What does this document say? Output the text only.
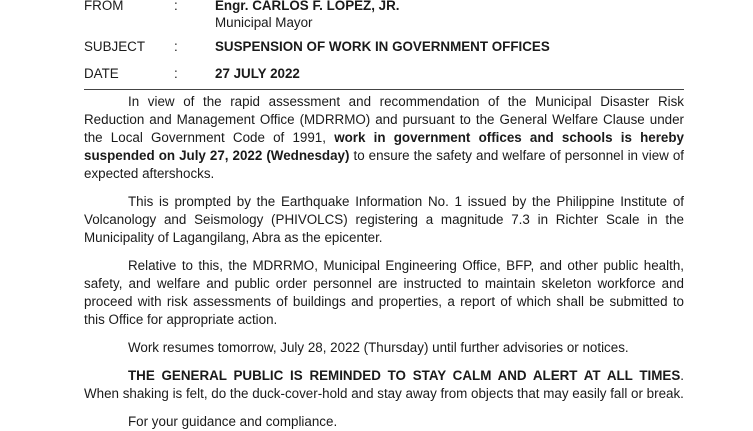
FROM	:	Engr. CARLOS F. LOPEZ, JR.
Municipal Mayor
SUBJECT :	SUSPENSION OF WORK IN GOVERNMENT OFFICES
DATE	:	27 JULY 2022

In view of the rapid assessment and recommendation of the Municipal Disaster Risk Reduction and Management Office (MDRRMO) and pursuant to the General Welfare Clause under the Local Government Code of 1991, work in government offices and schools is hereby suspended on July 27, 2022 (Wednesday) to ensure the safety and welfare of personnel in view of expected aftershocks.

This is prompted by the Earthquake Information No. 1 issued by the Philippine Institute of Volcanology and Seismology (PHIVOLCS) registering a magnitude 7.3 in Richter Scale in the Municipality of Lagangilang, Abra as the epicenter.

Relative to this, the MDRRMO, Municipal Engineering Office, BFP, and other public health, safety, and welfare and public order personnel are instructed to maintain skeleton workforce and proceed with risk assessments of buildings and properties, a report of which shall be submitted to this Office for appropriate action.

Work resumes tomorrow, July 28, 2022 (Thursday) until further advisories or notices.

THE GENERAL PUBLIC IS REMINDED TO STAY CALM AND ALERT AT ALL TIMES. When shaking is felt, do the duck-cover-hold and stay away from objects that may easily fall or break.

For your guidance and compliance.
